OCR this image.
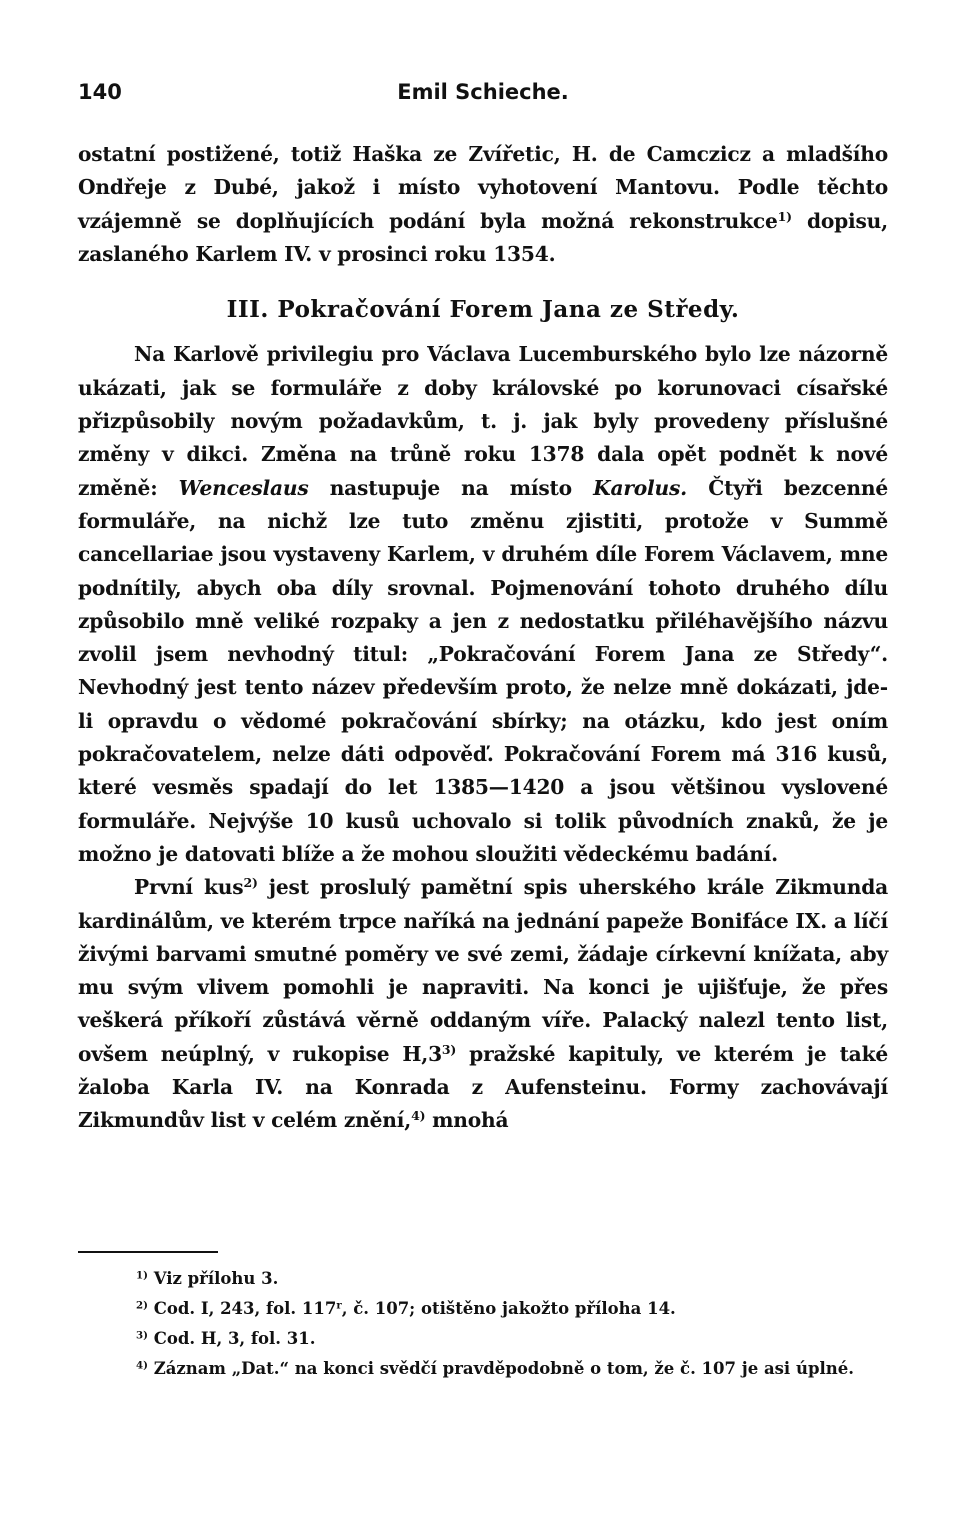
140	Emil Schieche.

ostatní postižené, totiž Haška ze Zvířetic, H. de Camczicz a mladšího Ondřeje z Dubé, jakož i místo vyhotovení Mantovu. Podle těchto vzájemně se doplňujících podání byla možná rekonstrukce$^{1)}$ dopisu, zaslaného Karlem IV. v prosinci roku 1354.

III. Pokračování Forem Jana ze Středy.

Na Karlově privilegiu pro Václava Lucemburského bylo lze názorně ukázati, jak se formuláře z doby královské po korunovaci císařské přizpůsobily novým požadavkům, t. j. jak byly provedeny příslušné změny v dikci. Změna na trůně roku 1378 dala opět podnět k nové změně: Wenceslaus nastupuje na místo Karolus. Čtyři bezcenné formuláře, na nichž lze tuto změnu zjistiti, protože v Summě cancellariae jsou vystaveny Karlem, v druhém díle Forem Václavem, mne podnítily, abych oba díly srovnal. Pojmenování tohoto druhého dílu způsobilo mně veliké rozpaky a jen z nedostatku přiléhavějšího názvu zvolil jsem nevhodný titul: „Pokračování Forem Jana ze Středy“. Nevhodný jest tento název především proto, že nelze mně dokázati, jde-li opravdu o vědomé pokračování sbírky; na otázku, kdo jest oním pokračovatelem, nelze dáti odpověď. Pokračování Forem má 316 kusů, které vesměs spadají do let 1385—1420 a jsou většinou vyslovené formuláře. Nejvýše 10 kusů uchovalo si tolik původních znaků, že je možno je datovati blíže a že mohou sloužiti vědeckému badání.

První kus$^{2)}$ jest proslulý pamětní spis uherského krále Zikmunda kardinálům, ve kterém trpce naříká na jednání papeže Bonifáce IX. a líčí živými barvami smutné poměry ve své zemi, žádaje církevní knížata, aby mu svým vlivem pomohli je napraviti. Na konci je ujišťuje, že přes veškerá příkoří zůstává věrně oddaným víře. Palacký nalezl tento list, ovšem neúplný, v rukopise H,3$^{3)}$ pražské kapituly, ve kterém je také žaloba Karla IV. na Konrada z Aufensteinu. Formy zachovávají Zikmundův list v celém znění,$^{4)}$ mnohá

$^{1)}$ Viz přílohu 3.

$^{2)}$ Cod. I, 243, fol. 117$^r$, č. 107; otištěno jakožto příloha 14.

$^{3)}$ Cod. H, 3, fol. 31.

$^{4)}$ Záznam „Dat.“ na konci svědčí pravděpodobně o tom, že č. 107 je asi úplné.
